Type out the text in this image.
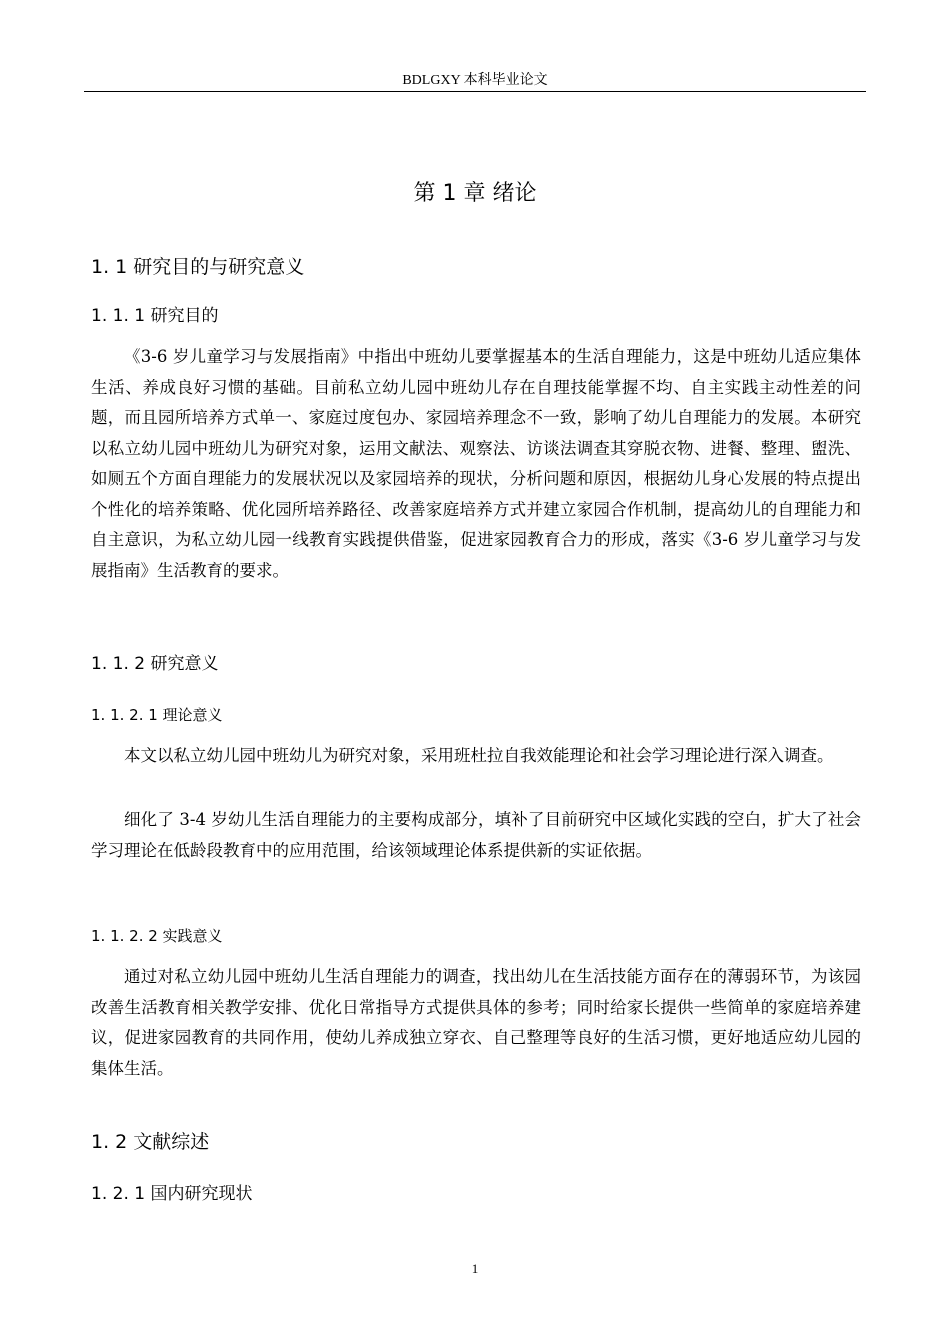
BDLGXY 本科毕业论文
第 1 章 绪论
1. 1 研究目的与研究意义
1. 1. 1 研究目的

《3-6 岁儿童学习与发展指南》中指出中班幼儿要掌握基本的生活自理能力，这是中班幼儿适应集体生活、养成良好习惯的基础。目前私立幼儿园中班幼儿存在自理技能掌握不均、自主实践主动性差的问题，而且园所培养方式单一、家庭过度包办、家园培养理念不一致，影响了幼儿自理能力的发展。本研究以私立幼儿园中班幼儿为研究对象，运用文献法、观察法、访谈法调查其穿脱衣物、进餐、整理、盥洗、如厕五个方面自理能力的发展状况以及家园培养的现状，分析问题和原因，根据幼儿身心发展的特点提出个性化的培养策略、优化园所培养路径、改善家庭培养方式并建立家园合作机制，提高幼儿的自理能力和自主意识，为私立幼儿园一线教育实践提供借鉴，促进家园教育合力的形成，落实《3-6 岁儿童学习与发展指南》生活教育的要求。

1. 1. 2 研究意义
1. 1. 2. 1 理论意义

本文以私立幼儿园中班幼儿为研究对象，采用班杜拉自我效能理论和社会学习理论进行深入调查。

细化了 3-4 岁幼儿生活自理能力的主要构成部分，填补了目前研究中区域化实践的空白，扩大了社会学习理论在低龄段教育中的应用范围，给该领域理论体系提供新的实证依据。

1. 1. 2. 2 实践意义

通过对私立幼儿园中班幼儿生活自理能力的调查，找出幼儿在生活技能方面存在的薄弱环节，为该园改善生活教育相关教学安排、优化日常指导方式提供具体的参考；同时给家长提供一些简单的家庭培养建议，促进家园教育的共同作用，使幼儿养成独立穿衣、自己整理等良好的生活习惯，更好地适应幼儿园的集体生活。

1. 2 文献综述
1. 2. 1 国内研究现状
1
